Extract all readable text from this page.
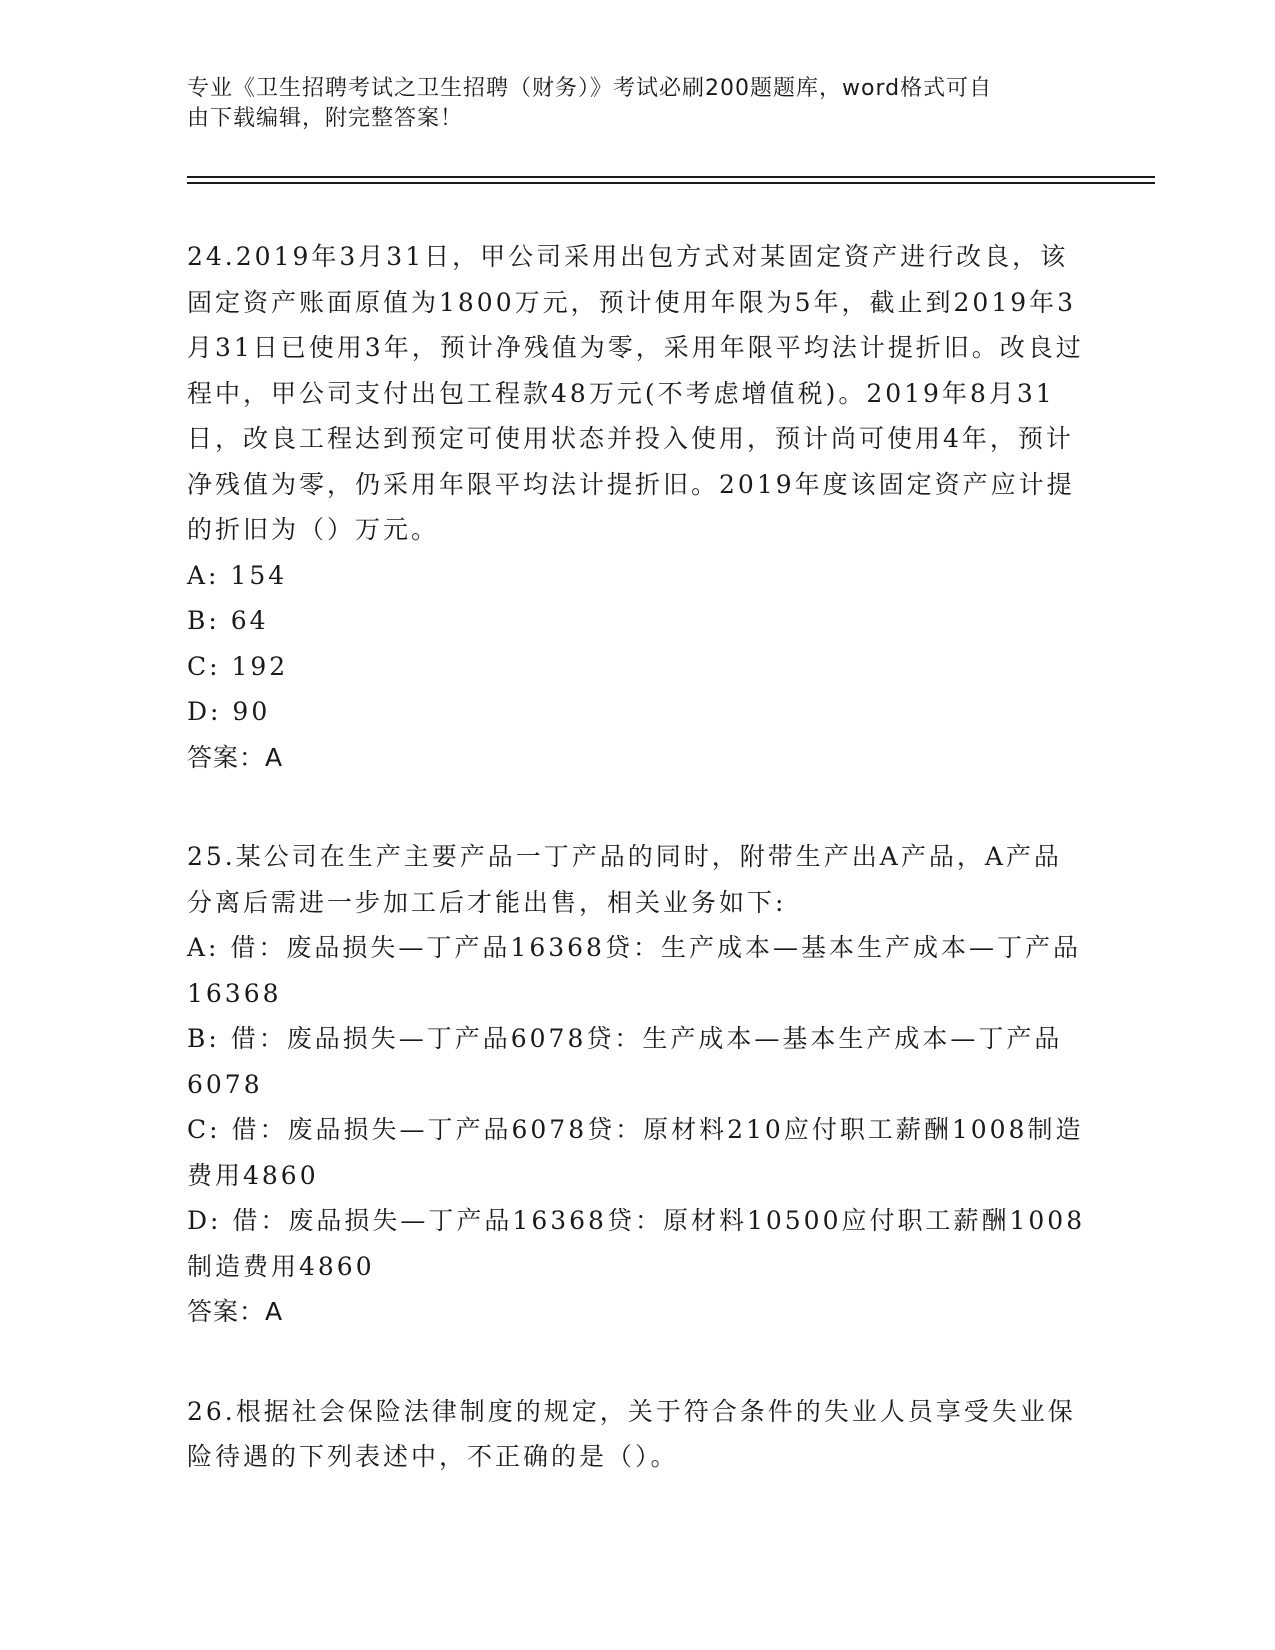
专业《卫生招聘考试之卫生招聘（财务）》考试必刷200题题库，word格式可自
由下载编辑，附完整答案！

24.2019年3月31日，甲公司采用出包方式对某固定资产进行改良，该固定资产账面原值为1800万元，预计使用年限为5年，截止到2019年3月31日已使用3年，预计净残值为零，采用年限平均法计提折旧。改良过程中，甲公司支付出包工程款48万元(不考虑增值税)。2019年8月31日，改良工程达到预定可使用状态并投入使用，预计尚可使用4年，预计净残值为零，仍采用年限平均法计提折旧。2019年度该固定资产应计提的折旧为（）万元。

A: 154

B: 64

C: 192

D: 90

答案：A

25.某公司在生产主要产品一丁产品的同时，附带生产出A产品，A产品分离后需进一步加工后才能出售，相关业务如下:

A: 借：废品损失—丁产品16368贷：生产成本—基本生产成本—丁产品16368

B: 借：废品损失—丁产品6078贷：生产成本—基本生产成本—丁产品6078

C: 借：废品损失—丁产品6078贷：原材料210应付职工薪酬1008制造费用4860

D: 借：废品损失—丁产品16368贷：原材料10500应付职工薪酬1008制造费用4860

答案：A

26.根据社会保险法律制度的规定，关于符合条件的失业人员享受失业保险待遇的下列表述中，不正确的是（）。
